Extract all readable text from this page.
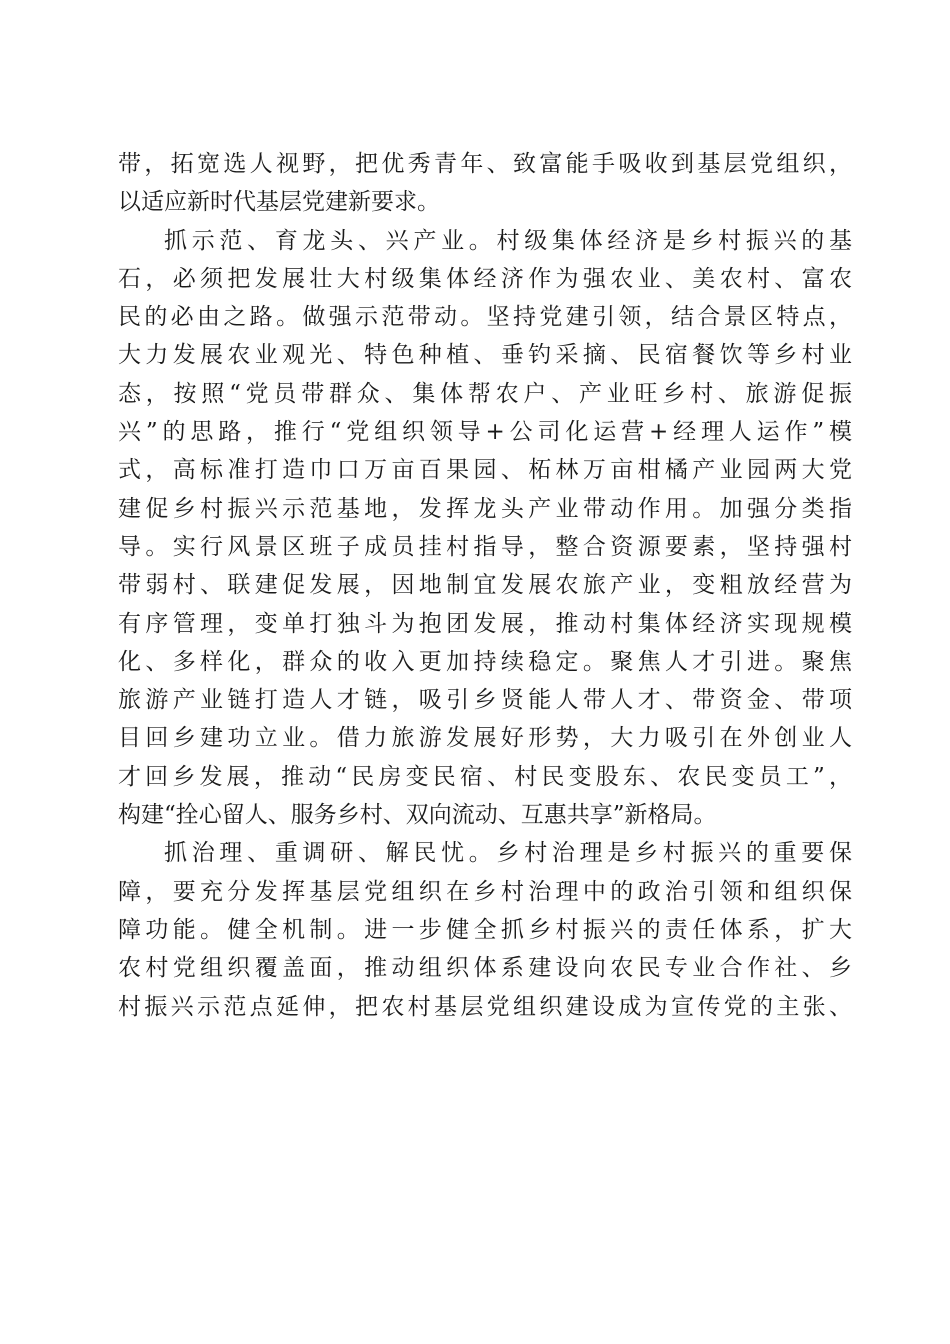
带，拓宽选人视野，把优秀青年、致富能手吸收到基层党组织，
以适应新时代基层党建新要求。
抓示范、育龙头、兴产业。村级集体经济是乡村振兴的基
石，必须把发展壮大村级集体经济作为强农业、美农村、富农
民的必由之路。做强示范带动。坚持党建引领，结合景区特点，
大力发展农业观光、特色种植、垂钓采摘、民宿餐饮等乡村业
态，按照“党员带群众、集体帮农户、产业旺乡村、旅游促振
兴”的思路，推行“党组织领导+公司化运营+经理人运作”模
式，高标准打造巾口万亩百果园、柘林万亩柑橘产业园两大党
建促乡村振兴示范基地，发挥龙头产业带动作用。加强分类指
导。实行风景区班子成员挂村指导，整合资源要素，坚持强村
带弱村、联建促发展，因地制宜发展农旅产业，变粗放经营为
有序管理，变单打独斗为抱团发展，推动村集体经济实现规模
化、多样化，群众的收入更加持续稳定。聚焦人才引进。聚焦
旅游产业链打造人才链，吸引乡贤能人带人才、带资金、带项
目回乡建功立业。借力旅游发展好形势，大力吸引在外创业人
才回乡发展，推动“民房变民宿、村民变股东、农民变员工”，
构建“拴心留人、服务乡村、双向流动、互惠共享”新格局。
抓治理、重调研、解民忧。乡村治理是乡村振兴的重要保
障，要充分发挥基层党组织在乡村治理中的政治引领和组织保
障功能。健全机制。进一步健全抓乡村振兴的责任体系，扩大
农村党组织覆盖面，推动组织体系建设向农民专业合作社、乡
村振兴示范点延伸，把农村基层党组织建设成为宣传党的主张、
